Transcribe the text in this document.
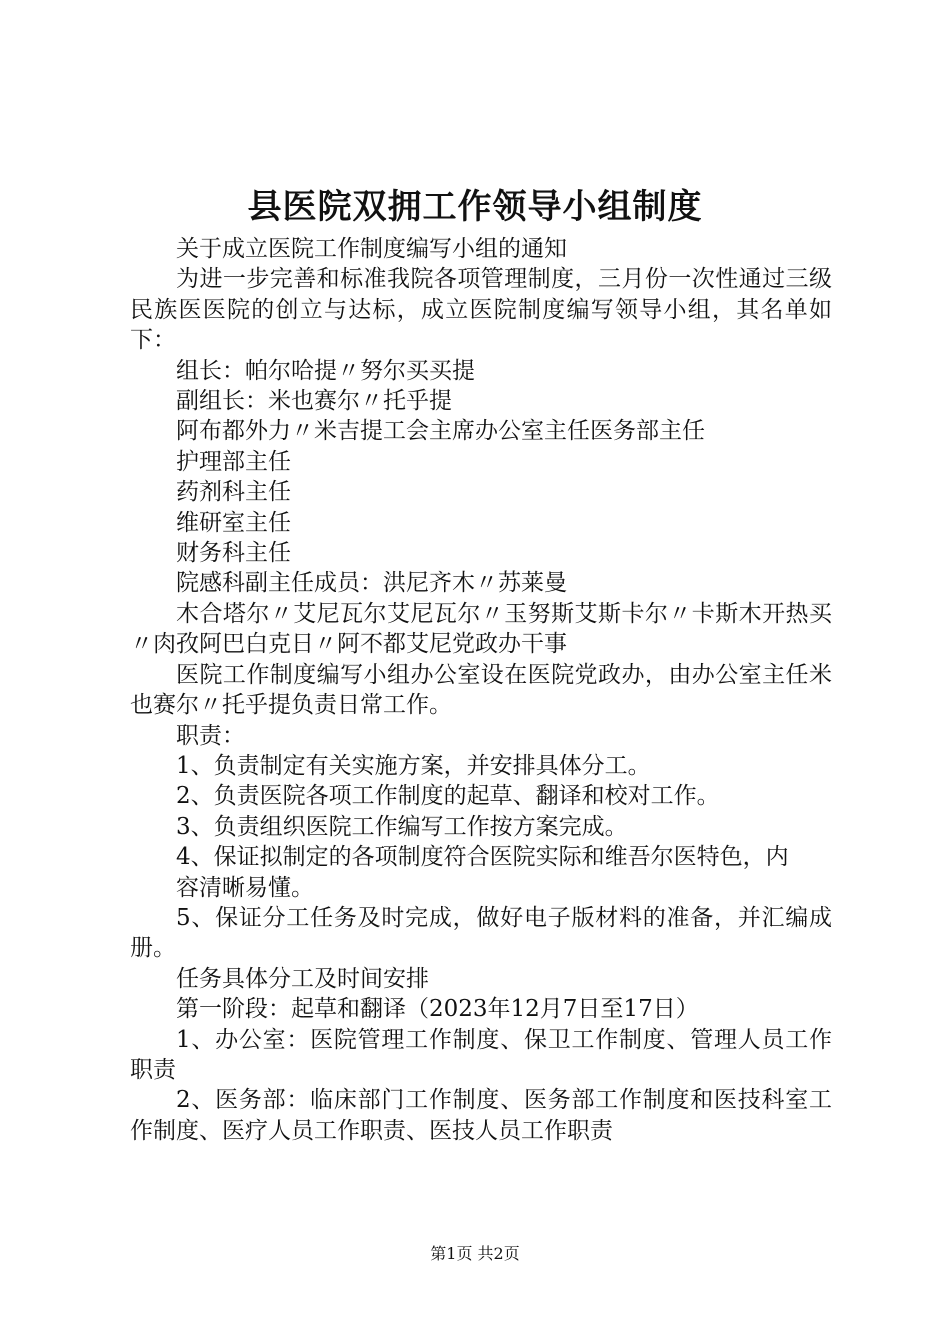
县医院双拥工作领导小组制度

关于成立医院工作制度编写小组的通知

为进一步完善和标准我院各项管理制度，三月份一次性通过三级民族医医院的创立与达标，成立医院制度编写领导小组，其名单如下：

组长：帕尔哈提〃努尔买买提

副组长：米也赛尔〃托乎提

阿布都外力〃米吉提工会主席办公室主任医务部主任

护理部主任

药剂科主任

维研室主任

财务科主任

院感科副主任成员：洪尼齐木〃苏莱曼

木合塔尔〃艾尼瓦尔艾尼瓦尔〃玉努斯艾斯卡尔〃卡斯木开热买〃肉孜阿巴白克日〃阿不都艾尼党政办干事

医院工作制度编写小组办公室设在医院党政办，由办公室主任米也赛尔〃托乎提负责日常工作。

职责：

1、负责制定有关实施方案，并安排具体分工。

2、负责医院各项工作制度的起草、翻译和校对工作。

3、负责组织医院工作编写工作按方案完成。

4、保证拟制定的各项制度符合医院实际和维吾尔医特色，内

容清晰易懂。

5、保证分工任务及时完成，做好电子版材料的准备，并汇编成册。

任务具体分工及时间安排

第一阶段：起草和翻译（2023年12月7日至17日）

1、办公室：医院管理工作制度、保卫工作制度、管理人员工作职责

2、医务部：临床部门工作制度、医务部工作制度和医技科室工作制度、医疗人员工作职责、医技人员工作职责

第1页 共2页
